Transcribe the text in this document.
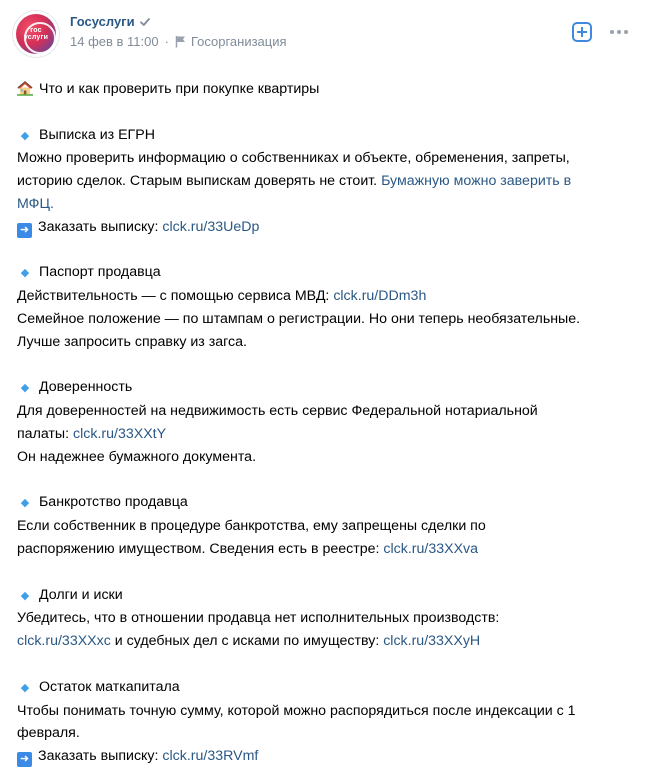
гос
услуги
Госуслуги
14 фев в 11:00 · Госорганизация
Что и как проверить при покупке квартиры
◆ Выписка из ЕГРН
Можно проверить информацию о собственниках и объекте, обременения, запреты,
историю сделок. Старым выпискам доверять не стоит. Бумажную можно заверить в
МФЦ.
➜ Заказать выписку: clck.ru/33UeDp
◆ Паспорт продавца
Действительность — с помощью сервиса МВД: clck.ru/DDm3h
Семейное положение — по штампам о регистрации. Но они теперь необязательные.
Лучше запросить справку из загса.
◆ Доверенность
Для доверенностей на недвижимость есть сервис Федеральной нотариальной
палаты: clck.ru/33XXtY
Он надежнее бумажного документа.
◆ Банкротство продавца
Если собственник в процедуре банкротства, ему запрещены сделки по
распоряжению имуществом. Сведения есть в реестре: clck.ru/33XXva
◆ Долги и иски
Убедитесь, что в отношении продавца нет исполнительных производств:
clck.ru/33XXxc и судебных дел с исками по имуществу: clck.ru/33XXyH
◆ Остаток маткапитала
Чтобы понимать точную сумму, которой можно распорядиться после индексации с 1
февраля.
➜ Заказать выписку: clck.ru/33RVmf
